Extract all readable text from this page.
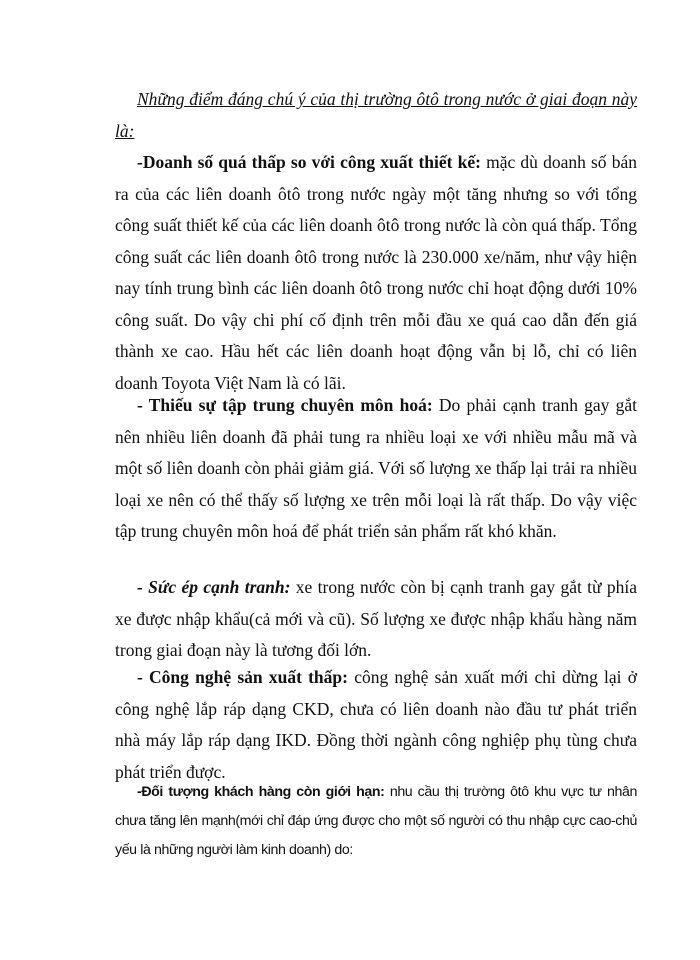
Những điểm đáng chú ý của thị trường ôtô trong nước ở giai đoạn này là:

-Doanh số quá thấp so với công xuất thiết kế: mặc dù doanh số bán ra của các liên doanh ôtô trong nước ngày một tăng nhưng so với tổng công suất thiết kế của các liên doanh ôtô trong nước là còn quá thấp. Tổng công suất các liên doanh ôtô trong nước là 230.000 xe/năm, như vậy hiện nay tính trung bình các liên doanh ôtô trong nước chỉ hoạt động dưới 10% công suất. Do vậy chi phí cố định trên mỗi đầu xe quá cao dẫn đến giá thành xe cao. Hầu hết các liên doanh hoạt động vẫn bị lỗ, chỉ có liên doanh Toyota Việt Nam là có lãi.

- Thiếu sự tập trung chuyên môn hoá: Do phải cạnh tranh gay gắt nên nhiều liên doanh đã phải tung ra nhiều loại xe với nhiều mẫu mã và một số liên doanh còn phải giảm giá. Với số lượng xe thấp lại trải ra nhiều loại xe nên có thể thấy số lượng xe trên mỗi loại là rất thấp. Do vậy việc tập trung chuyên môn hoá để phát triển sản phẩm rất khó khăn.

- Sức ép cạnh tranh: xe trong nước còn bị cạnh tranh gay gắt từ phía xe được nhập khẩu(cả mới và cũ). Số lượng xe được nhập khẩu hàng năm trong giai đoạn này là tương đối lớn.

- Công nghệ sản xuất thấp: công nghệ sản xuất mới chỉ dừng lại ở công nghệ lắp ráp dạng CKD, chưa có liên doanh nào đầu tư phát triển nhà máy lắp ráp dạng IKD. Đồng thời ngành công nghiệp phụ tùng chưa phát triển được.

-Đối tượng khách hàng còn giới hạn: nhu cầu thị trường ôtô khu vực tư nhân chưa tăng lên mạnh(mới chỉ đáp ứng được cho một số người có thu nhập cực cao-chủ yếu là những người làm kinh doanh) do:
